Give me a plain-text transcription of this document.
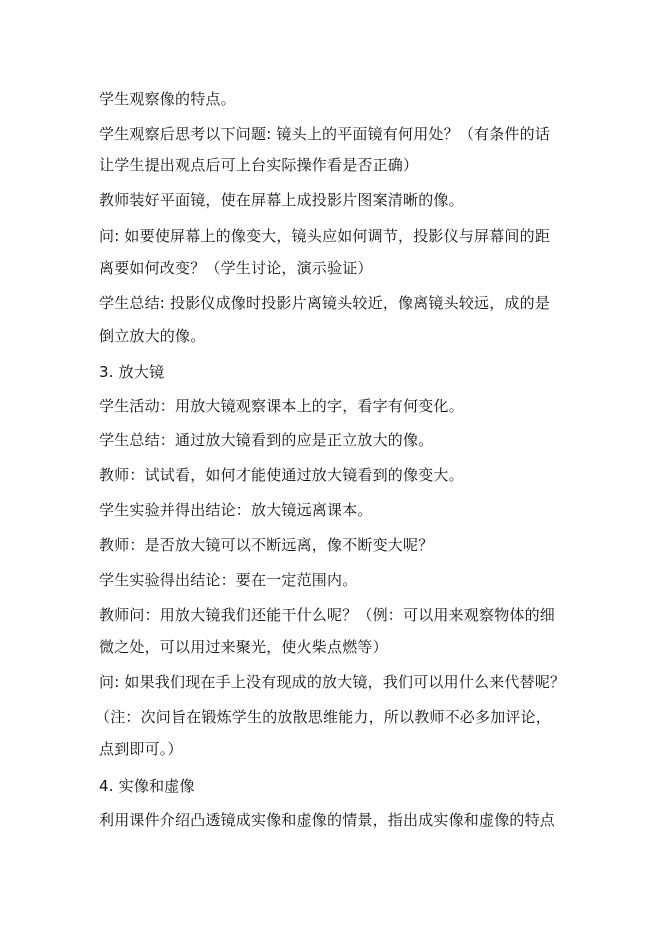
学生观察像的特点。
学生观察后思考以下问题: 镜头上的平面镜有何用处？（有条件的话
让学生提出观点后可上台实际操作看是否正确）
教师装好平面镜，使在屏幕上成投影片图案清晰的像。
问: 如要使屏幕上的像变大，镜头应如何调节，投影仪与屏幕间的距
离要如何改变？（学生讨论，演示验证）
学生总结: 投影仪成像时投影片离镜头较近，像离镜头较远，成的是
倒立放大的像。
3. 放大镜
学生活动：用放大镜观察课本上的字，看字有何变化。
学生总结：通过放大镜看到的应是正立放大的像。
教师：试试看，如何才能使通过放大镜看到的像变大。
学生实验并得出结论：放大镜远离课本。
教师：是否放大镜可以不断远离，像不断变大呢？
学生实验得出结论：要在一定范围内。
教师问：用放大镜我们还能干什么呢？（例：可以用来观察物体的细
微之处，可以用过来聚光，使火柴点燃等）
问: 如果我们现在手上没有现成的放大镜，我们可以用什么来代替呢？
（注：次问旨在锻炼学生的放散思维能力，所以教师不必多加评论，
点到即可。）
4. 实像和虚像
利用课件介绍凸透镜成实像和虚像的情景，指出成实像和虚像的特点
